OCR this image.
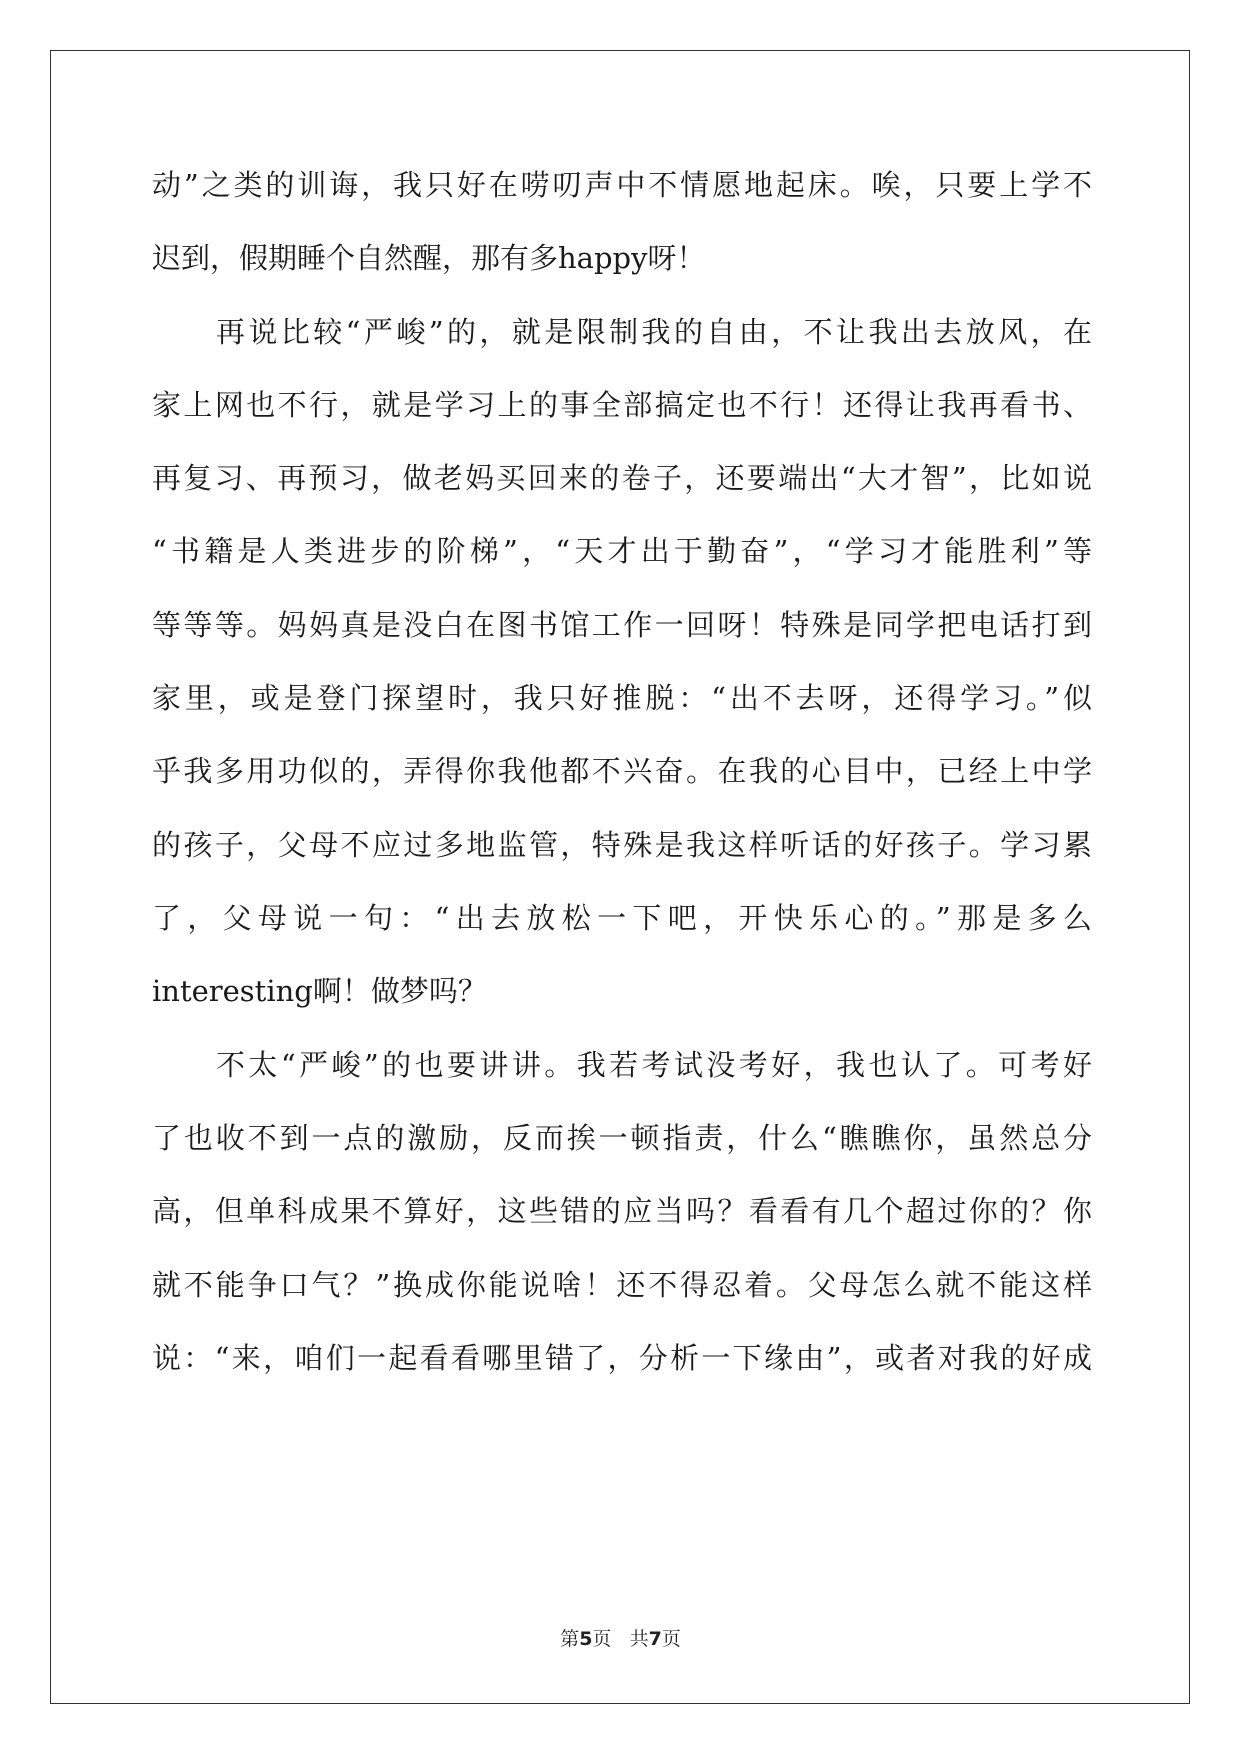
动”之类的训诲，我只好在唠叨声中不情愿地起床。唉，只要上学不
迟到，假期睡个自然醒，那有多happy呀！
再说比较“严峻”的，就是限制我的自由，不让我出去放风，在
家上网也不行，就是学习上的事全部搞定也不行！还得让我再看书、
再复习、再预习，做老妈买回来的卷子，还要端出“大才智”，比如说
“书籍是人类进步的阶梯”，“天才出于勤奋”，“学习才能胜利”等
等等等。妈妈真是没白在图书馆工作一回呀！特殊是同学把电话打到
家里，或是登门探望时，我只好推脱：“出不去呀，还得学习。”似
乎我多用功似的，弄得你我他都不兴奋。在我的心目中，已经上中学
的孩子，父母不应过多地监管，特殊是我这样听话的好孩子。学习累
了，父母说一句：“出去放松一下吧，开快乐心的。”那是多么
interesting啊！做梦吗？
不太“严峻”的也要讲讲。我若考试没考好，我也认了。可考好
了也收不到一点的激励，反而挨一顿指责，什么“瞧瞧你，虽然总分
高，但单科成果不算好，这些错的应当吗？看看有几个超过你的？你
就不能争口气？”换成你能说啥！还不得忍着。父母怎么就不能这样
说：“来，咱们一起看看哪里错了，分析一下缘由”，或者对我的好成
第5页 共7页
